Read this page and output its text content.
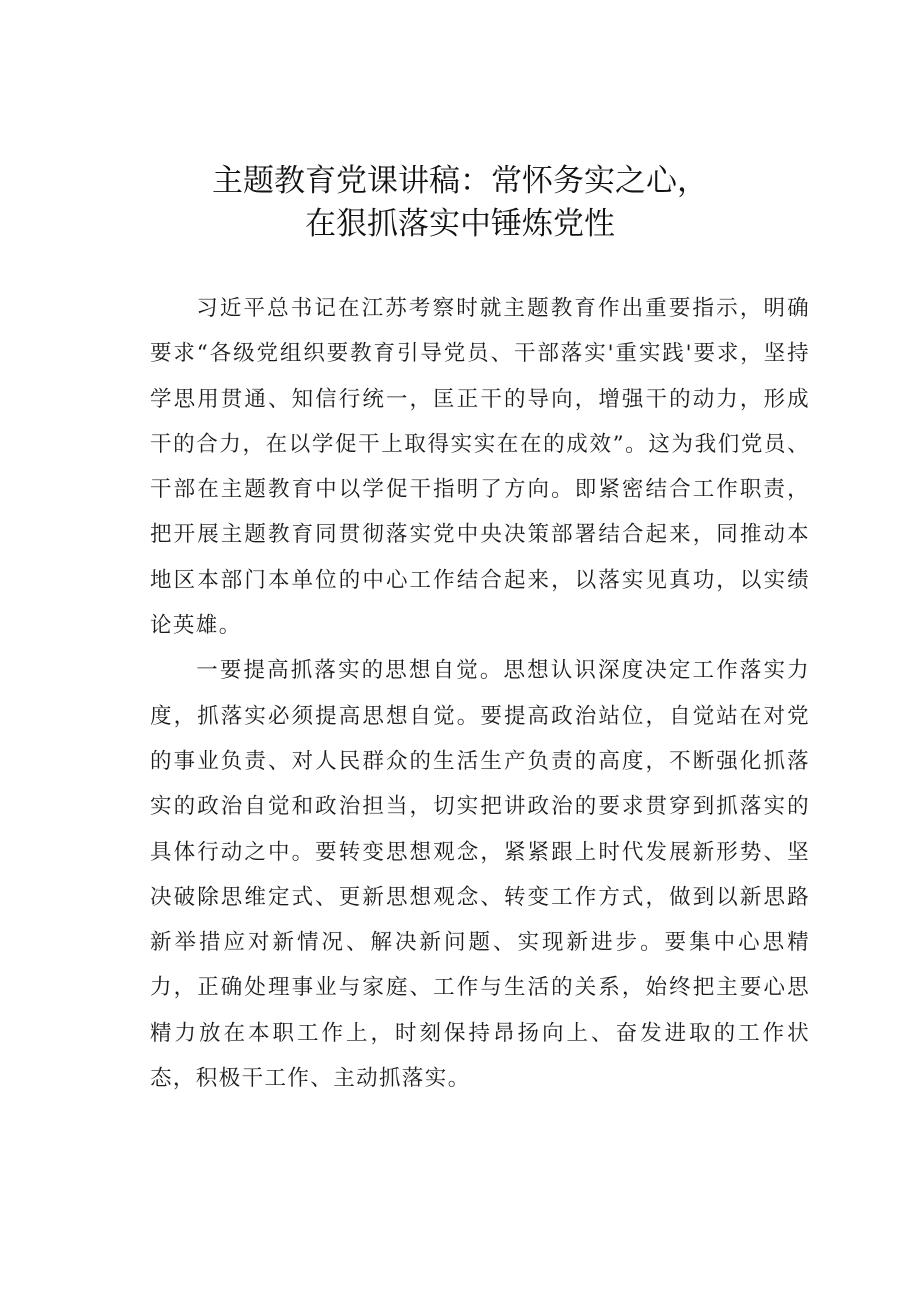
主题教育党课讲稿：常怀务实之心，
在狠抓落实中锤炼党性

习近平总书记在江苏考察时就主题教育作出重要指示，明确要求“各级党组织要教育引导党员、干部落实'重实践'要求，坚持学思用贯通、知信行统一，匡正干的导向，增强干的动力，形成干的合力，在以学促干上取得实实在在的成效”。这为我们党员、干部在主题教育中以学促干指明了方向。即紧密结合工作职责，把开展主题教育同贯彻落实党中央决策部署结合起来，同推动本地区本部门本单位的中心工作结合起来，以落实见真功，以实绩论英雄。

一要提高抓落实的思想自觉。思想认识深度决定工作落实力度，抓落实必须提高思想自觉。要提高政治站位，自觉站在对党的事业负责、对人民群众的生活生产负责的高度，不断强化抓落实的政治自觉和政治担当，切实把讲政治的要求贯穿到抓落实的具体行动之中。要转变思想观念，紧紧跟上时代发展新形势、坚决破除思维定式、更新思想观念、转变工作方式，做到以新思路新举措应对新情况、解决新问题、实现新进步。要集中心思精力，正确处理事业与家庭、工作与生活的关系，始终把主要心思精力放在本职工作上，时刻保持昂扬向上、奋发进取的工作状态，积极干工作、主动抓落实。
